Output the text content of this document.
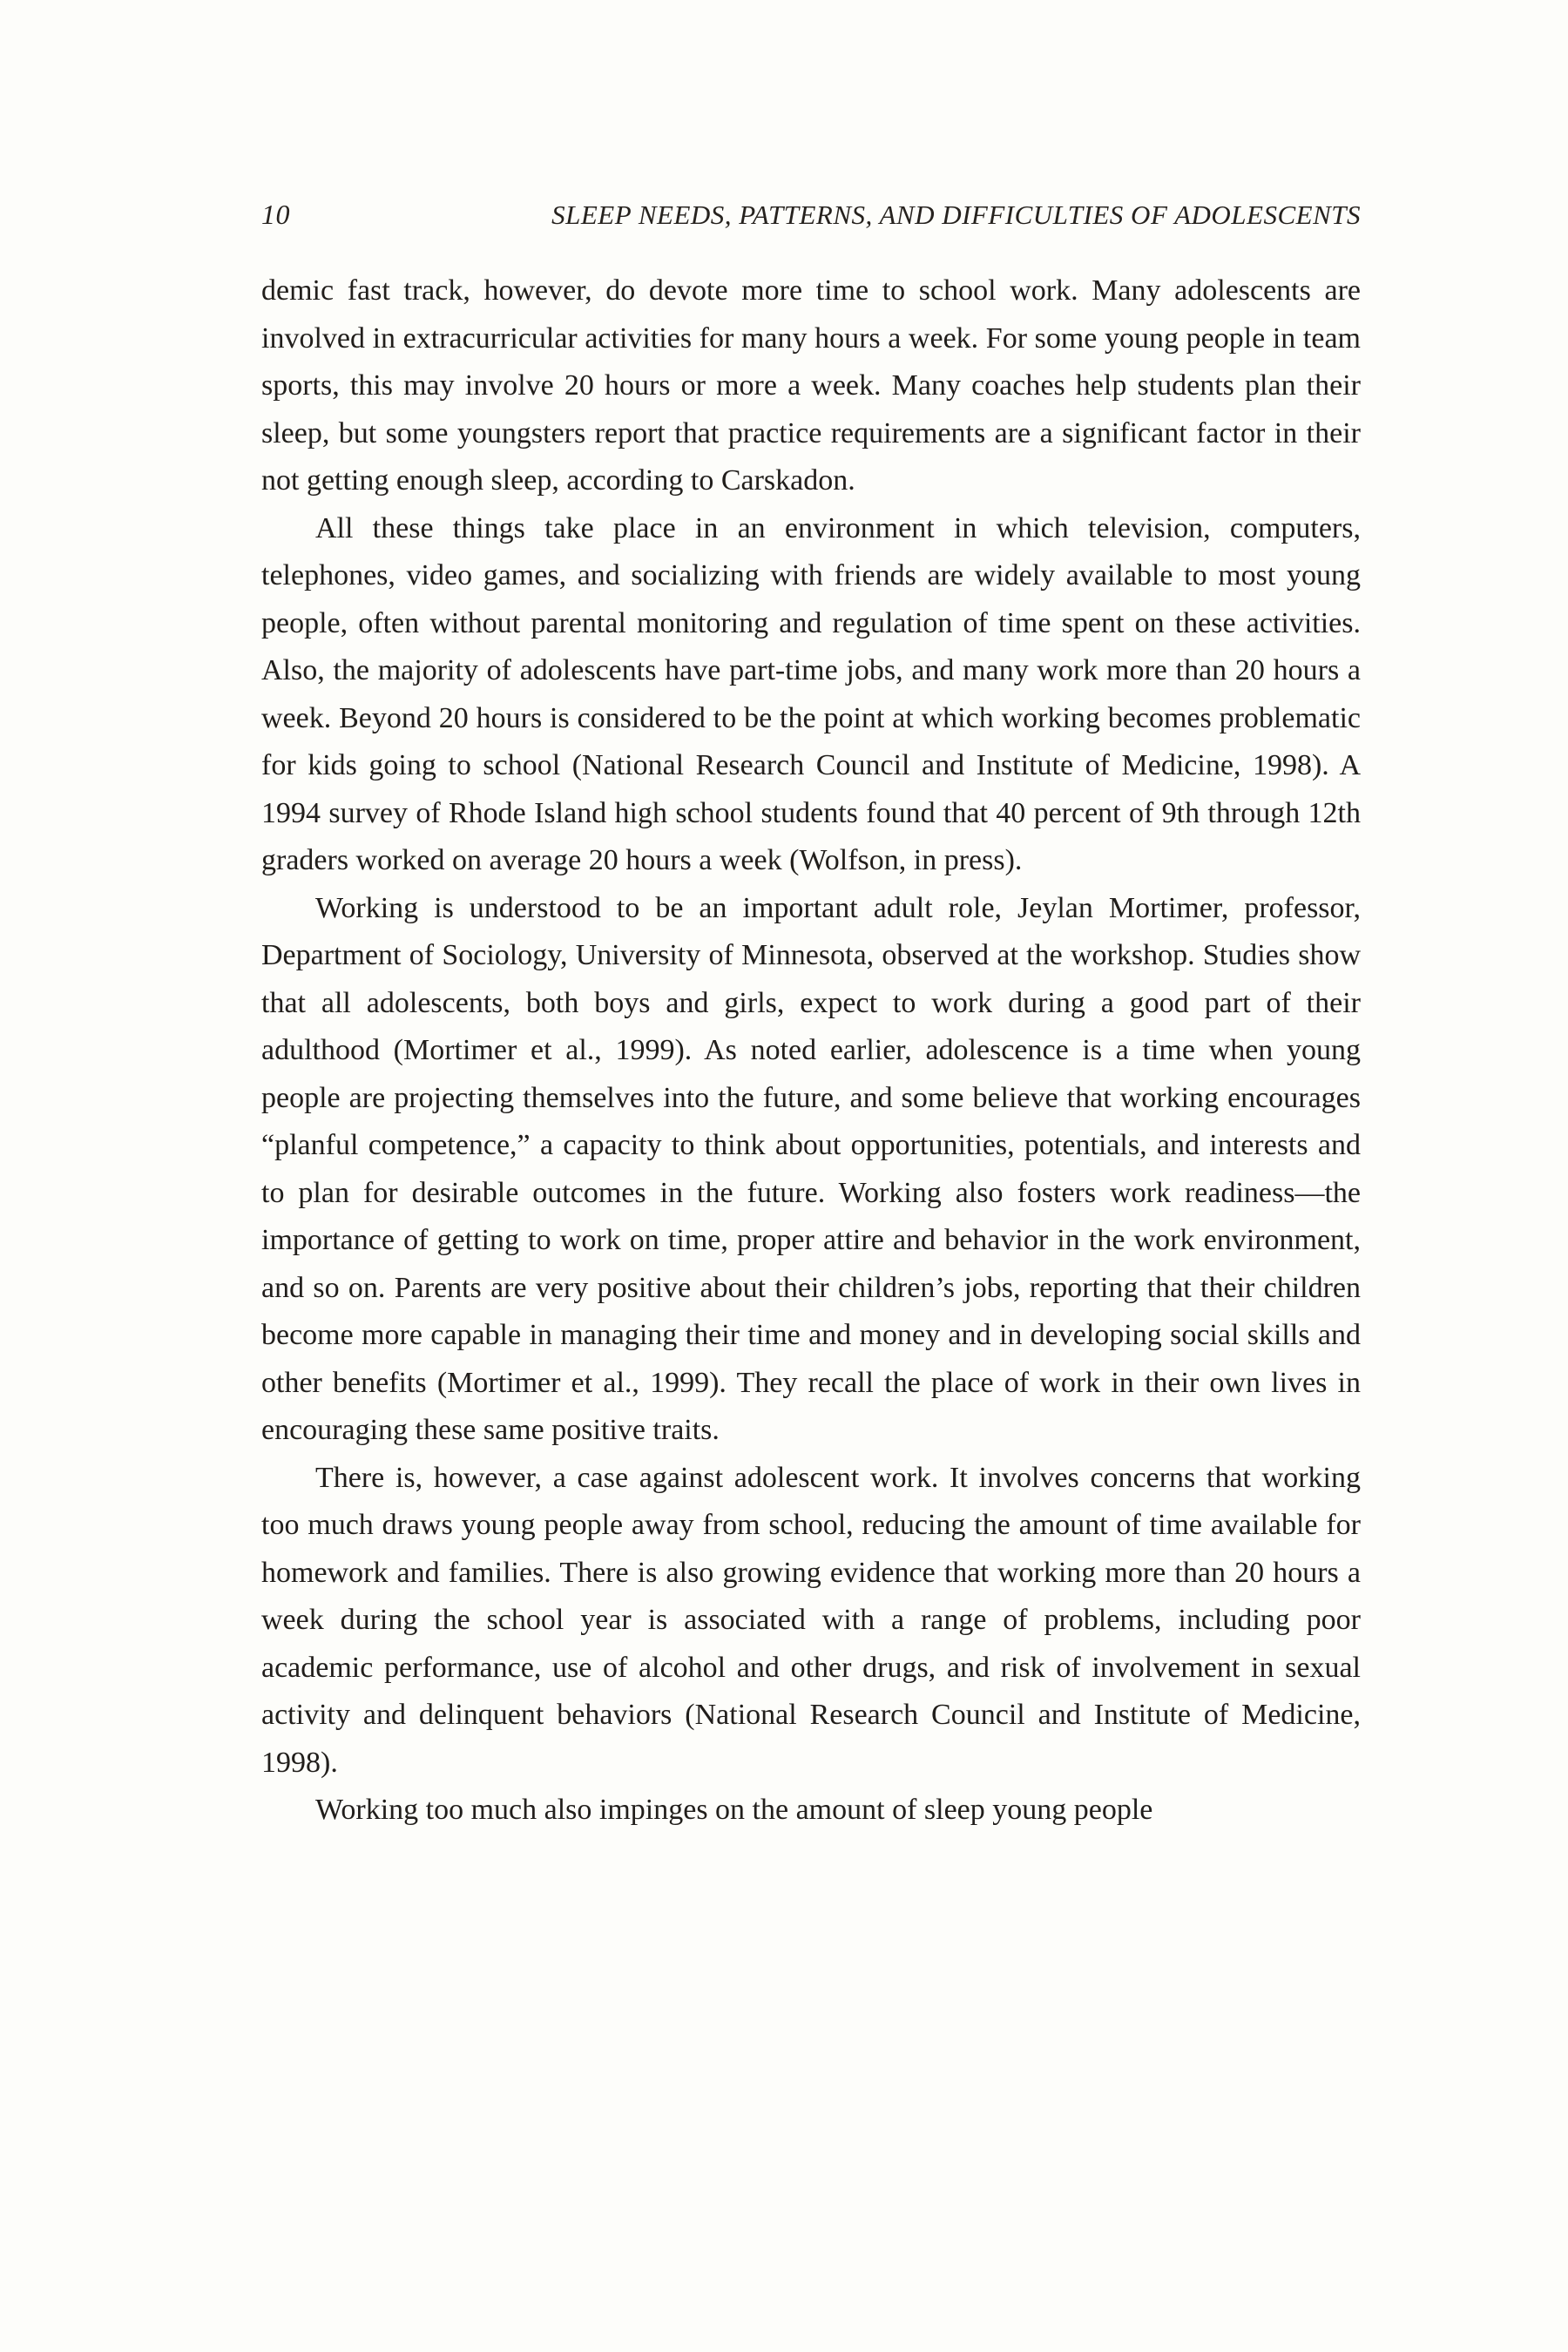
10	SLEEP NEEDS, PATTERNS, AND DIFFICULTIES OF ADOLESCENTS

demic fast track, however, do devote more time to school work. Many adolescents are involved in extracurricular activities for many hours a week. For some young people in team sports, this may involve 20 hours or more a week. Many coaches help students plan their sleep, but some youngsters report that practice requirements are a significant factor in their not getting enough sleep, according to Carskadon.

All these things take place in an environment in which television, computers, telephones, video games, and socializing with friends are widely available to most young people, often without parental monitoring and regulation of time spent on these activities. Also, the majority of adolescents have part-time jobs, and many work more than 20 hours a week. Beyond 20 hours is considered to be the point at which working becomes problematic for kids going to school (National Research Council and Institute of Medicine, 1998). A 1994 survey of Rhode Island high school students found that 40 percent of 9th through 12th graders worked on average 20 hours a week (Wolfson, in press).

Working is understood to be an important adult role, Jeylan Mortimer, professor, Department of Sociology, University of Minnesota, observed at the workshop. Studies show that all adolescents, both boys and girls, expect to work during a good part of their adulthood (Mortimer et al., 1999). As noted earlier, adolescence is a time when young people are projecting themselves into the future, and some believe that working encourages “planful competence,” a capacity to think about opportunities, potentials, and interests and to plan for desirable outcomes in the future. Working also fosters work readiness—the importance of getting to work on time, proper attire and behavior in the work environment, and so on. Parents are very positive about their children’s jobs, reporting that their children become more capable in managing their time and money and in developing social skills and other benefits (Mortimer et al., 1999). They recall the place of work in their own lives in encouraging these same positive traits.

There is, however, a case against adolescent work. It involves concerns that working too much draws young people away from school, reducing the amount of time available for homework and families. There is also growing evidence that working more than 20 hours a week during the school year is associated with a range of problems, including poor academic performance, use of alcohol and other drugs, and risk of involvement in sexual activity and delinquent behaviors (National Research Council and Institute of Medicine, 1998).

Working too much also impinges on the amount of sleep young people
